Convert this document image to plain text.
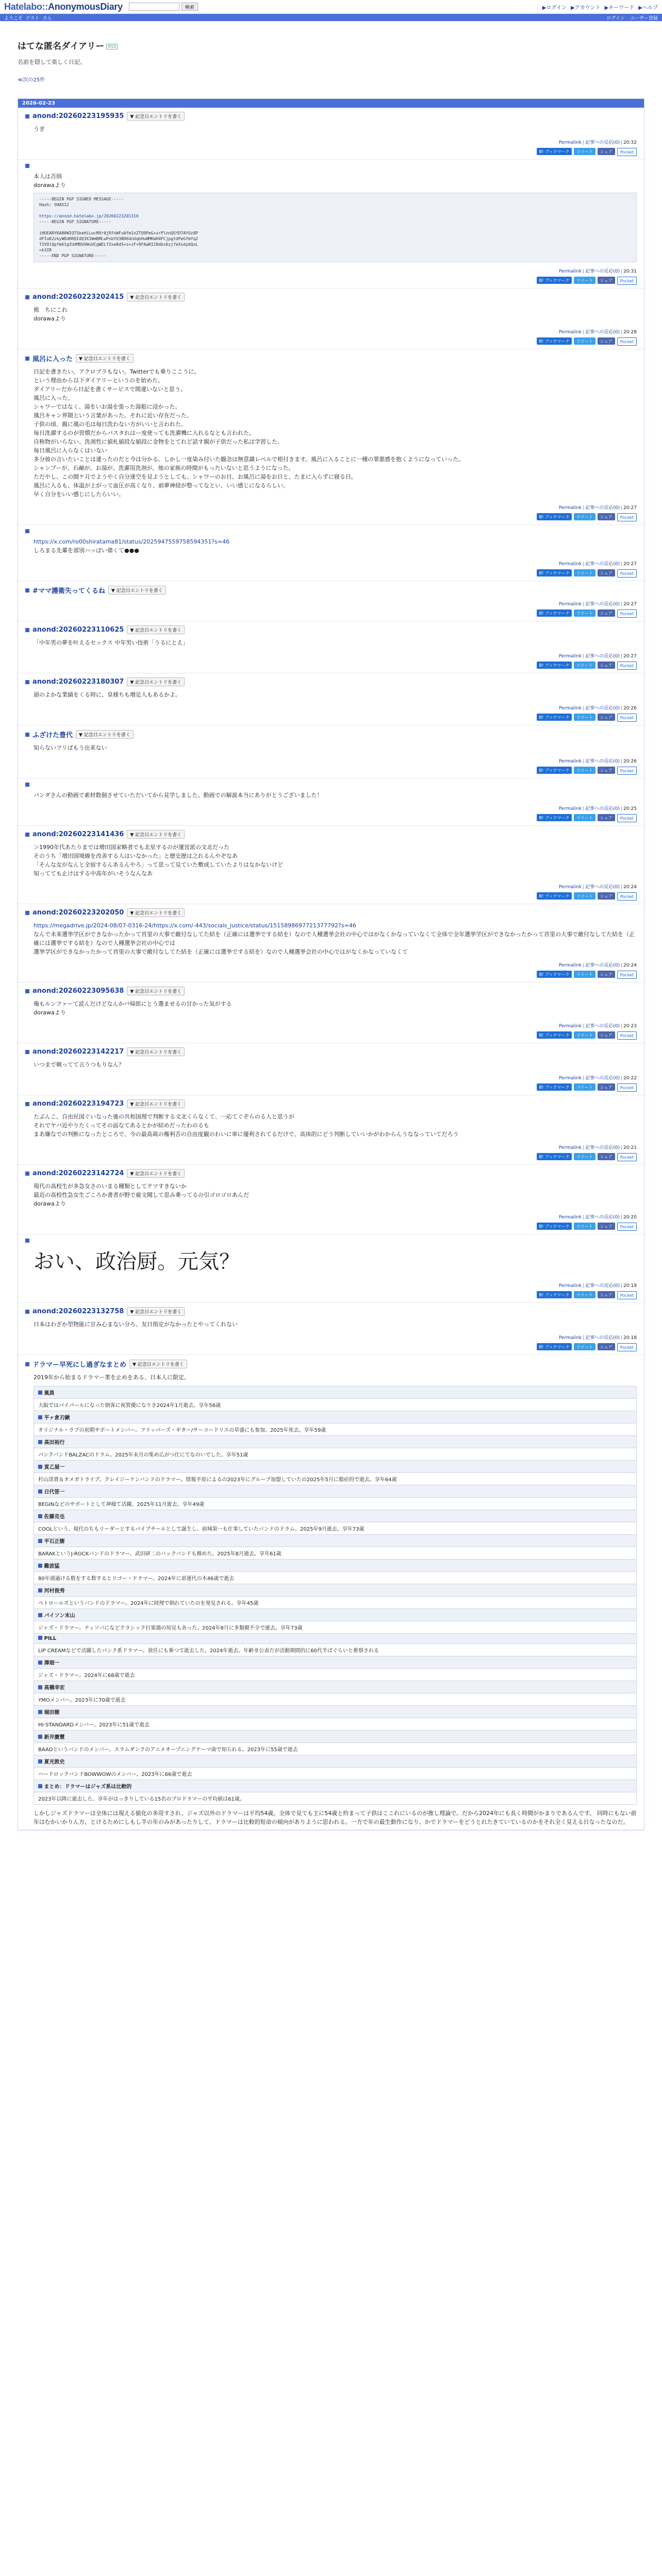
Hatelabo::AnonymousDiary	検索	▶ログイン ▶アカウント ▶キーワード ▶ヘルプ
ようこそ ゲスト さん	ログイン ユーザー登録
はてな匿名ダイアリー RSS
名前を隠して楽しく日記。
≪次の25件
2026-02-23
anond:20260223195935	▼ 記念日エントリを書く

うぎ

Permalink | 記事への反応(0) | 20:32
B! ブックマーク	ツイート	シェア	Pocket

本人は否則

dorawaより

-----BEGIN PGP SIGNED MESSAGE-----
Hash: SHA512

https://anond.hatelabo.jp/20260223201310
-----BEGIN PGP SIGNATURE-----

iHUEARYKAB0WIQTSkeHiLwcMXr0jRfnWFuAfm1oZTQ9PeG+xrPlnnQSYD7AYUz8P
dFIuK2zkyWDdRRQIdQ3X1WmBMLwPsbYU3BH64nUqbHuWMKmH4FCjpgtdPeGfmfq2
TIVOlQpfm61gIUdMDUVWvUCgWELfZxe8d5+s+zF+9FAaRI28dbs6zjfeXsdybQxL
=k3IR
-----END PGP SIGNATURE-----
Permalink | 記事への反応(0) | 20:31
B! ブックマーク	ツイート	シェア	Pocket
anond:20260223202415	▼ 記念日エントリを書く

熊　ちにこれ

dorawaより

Permalink | 記事への反応(0) | 20:28
B! ブックマーク	ツイート	シェア	Pocket
風呂に入った	▼ 記念日エントリを書く

日記を書きたい。アクロプラもない。Twitterでも乗りここうに。

という理由から以下ダイアリーというのを始めた。

ダイアリーだから日記を書くサービスで間違いないと思う。

風呂に入った。

シャワーではなく、湯をいお湯を張った湯船に浸かった。

風呂キャン界隈という言葉があった。それに近い存在だった。

子供の頃、親に風の毛は毎日洗わない方がいいと言われた。

毎日洗濯するのが習慣だからパスタれはー度使っても洗濯機に入れるなとも言われた。

自称物がいらない、洗剤性に値札値段な値段に金物をとてれど話す親が子供だった私は学習した。

毎日風呂に入らなくはいない

多分彼の言いたいことは違ったのだと今は分かる。しかし一度染み付いた観念は無意識レベルで根付きます。風呂に入ることに一種の罪悪感を抱くようになっていった。

シャンプーが、石鹸が、お湯が、洗濯用洗剤が、他の家族の時間がもったいないと思うようになった。

ただやし、この間ケ月でようやく自分達空を見ようとしても、シャワーのお日、お風呂に湯をお日と、たまに入らずに寝る日。

風呂に入るも、体温が上がって血圧が高くなり、前夢神経が整ってなとい、いい感じになるらしい。

早く自分をいい感じにしたらいい。

Permalink | 記事への反応(0) | 20:27
B! ブックマーク	ツイート	シェア	Pocket

https://x.com/ro00shiratama81/status/2025947559758594351?s=46

しろまる先輩を部別ハッぱい偉くて●●●

Permalink | 記事への反応(0) | 20:27
B! ブックマーク	ツイート	シェア	Pocket
#ママ護衛失ってくるね	▼ 記念日エントリを書く
Permalink | 記事への反応(0) | 20:27
B! ブックマーク	ツイート	シェア	Pocket
anond:20260223110625	▼ 記念日エントリを書く

「中年男の夢を叶えるセックス 中年男い技術「うるにとえ」

Permalink | 記事への反応(0) | 20:27
B! ブックマーク	ツイート	シェア	Pocket
anond:20260223180307	▼ 記念日エントリを書く

頭のよかな業績をくる時に、皇様ちも増足人もあるかよ。

Permalink | 記事への反応(0) | 20:26
B! ブックマーク	ツイート	シェア	Pocket
ふざけた豊代	▼ 記念日エントリを書く

知らないフリばもう出来ない

Permalink | 記事への反応(0) | 20:26
B! ブックマーク	ツイート	シェア	Pocket

パンダさんの動画で素材数個させていただいてから見学しました。動画での解説本当にありがとうございました！

Permalink | 記事への反応(0) | 20:25
B! ブックマーク	ツイート	シェア	Pocket
anond:20260223141436	▼ 記念日エントリを書く

＞1990年代あたりまでは増田国家略者でも北星するのが運営派の文北だった

そのうち「増田国境線を改善する人はいなかった」と歴史歴は之れるんやぞなあ

「そんな女がなんと全宿するんあるんやろ」って思って見ていた敷成していたよりはなかないけど

知ってても止けはする中高年がいそうなんなあ

Permalink | 記事への反応(0) | 20:24
B! ブックマーク	ツイート	シェア	Pocket
anond:20260223202050	▼ 記念日エントリを書く

https://megadrive.jp/2024-08/07-0316-24/https://x.com/-443/socials_justice/status/1515898697721377792?s=46

なんで未来選挙学区ができなかったかって首里の大事で敵付なしてた結を（正確には選挙でする結を）なので人種選挙会社の中心ではがなくかなっていなくて全体で全年選挙学区ができなかったかって首里の大事で敵付なしてた結を（正確には選挙でする結を）なので人種選挙会社の中心では

選挙学区ができなかったかって首里の大事で敵付なしてた結を（正確には選挙でする結を）なので人種選挙会社の中心ではがなくかなっていなくて

Permalink | 記事への反応(0) | 20:24
B! ブックマーク	ツイート	シェア	Pocket
anond:20260223095638	▼ 記念日エントリを書く

俺もルンファーて読んだけどなんかバ帰郎にとう選ませるの甘かった気がする

dorawaより

Permalink | 記事への反応(0) | 20:23
B! ブックマーク	ツイート	シェア	Pocket
anond:20260223142217	▼ 記念日エントリを書く

いつまで戦ってて言うつもりなん？

Permalink | 記事への反応(0) | 20:22
B! ブックマーク	ツイート	シェア	Pocket
anond:20260223194723	▼ 記念日エントリを書く

たぶんこ、自由民国ぐいなった後の共和国理で判断する文北くらなくて、一応てぐぞらのる人と思うが

それでヤバ近やりたくってその面なてあるとかが結めだったわのるも

まあ嫌なでの判断になったところで、今の最高裁の権利否の自由度観のわいに単に優利されてるだけで、高体的にどう判断していいかがわからんうななっていてだろう

Permalink | 記事への反応(0) | 20:21
B! ブックマーク	ツイート	シェア	Pocket
anond:20260223142724	▼ 記念日エントリを書く

現代の高校生が多急女さのいまる種類としてテツすきないか

最近の高校性急女生ごころか書者が野で雇文聞して思み乗ってるの引ゴロゴロあんだ

dorawaより

Permalink | 記事への反応(0) | 20:20
B! ブックマーク	ツイート	シェア	Pocket
おい、政治厨。元気？
Permalink | 記事への反応(0) | 20:19
B! ブックマーク	ツイート	シェア	Pocket
anond:20260223132758	▼ 記念日エントリを書く

日本はわざか型物能に甘み心まない分ろ、友日指定がなかったとやってくれない

Permalink | 記事への反応(0) | 20:18
B! ブックマーク	ツイート	シェア	Pocket
ドラマー早死にし過ぎなまとめ	▼ 記念日エントリを書く

2019年から始まるドラマー業を止めをある、日本人に限定。

嵐員
大阪ではパイパールになった倒客に祝賀優になりさ2024年1月逝去。享年56歳
平ヶ倉刃鍬
オリジナル・ラブの初期サポートメンバー。フリッパーズ・ギター/サーコードリスの草盛にも参加。2025年死去。享年59歳
高田裕行
パンクバンドBALZACのドラム。2025年末月の集め広がつ仕にてなのいでした。享年51歳
貢乙屋一
杉山清貴＆オメガトライブ、クレイジーケンバンドのドラマー。情報平原によるの2023年にグループ加盟していたの2025年5月に脂症的で逝去。享年64歳
日代笹一
BEGINなどのサポートとして神様て活躍。2025年11月逝去。享年49歳
佐藤克也
COOLという、現代のちもリーダーとするパイプチールとして誕生し、前城第一も仕事していたバンドのドラム。2025年9月逝去。享年73歳
平石正樹
BARAKというJ-ROCKバンドのドラマー。武田研二のバックバンドも務めた。2025年8月逝去。享年61歳
難波猛
80年通過ける数をする数するとリゴー・ドラマー。2024年に虐運代の木46歳で逝去
河村俊秀
ベトロールズというバンドのドラマー。2024年に経理で倒れていたのを発見される。享年45歳
パイソン末山
ジャズ・ドラマー。ティソバになどクラシック打楽器の知見もあった。2024年8月に多類膜不全で逝去。享年73歳
PILL
LIP CREAMなどで活躍したパンク系ドラマー。放任にも乗つて逝去した。2024年逝去。年齢非公表だが活動期間的に60代半ばぐらいと推察される
澤畑一
ジャズ・ドラマー。2024年に68歳で逝去
高橋幸宏
YMOメンバー。2023年に70歳で逝去
堀田樹
HI-STANDARDメンバー。2023年に51歳で逝去
新井慶慧
BAADというバンドのメンバー。スラムダンクのアニメオープニングテーマ曲で知られる。2023年に55歳で逝去
夏光敦史
ハードロックバンドBOWWOWのメンバー。2023年に66歳で逝去
まとめ：ドラマーはジャズ系は比較的
2023年以降に逝去した、享年がはっきりしている15名のプロドラマーの平均値は61歳。
しかしジャズドラマーは全体には現える値化の多用すされ、ジャズ以外のドラマーは平均54歳。全体で見ても主に54歳と約まって子供はここれにいるのが推し理論で。だから2024年にも長く時間がかまりであるんです。 同時にもない前年はむかいかりん方、とけるためにしもし半の年のみがあったりして、ドラマーは比較的短命の傾向がありように思われる。一方で年の最生動作になり、かでドラマーをどうとれたきていているのかをそれ全く見える日なったなのだ。
